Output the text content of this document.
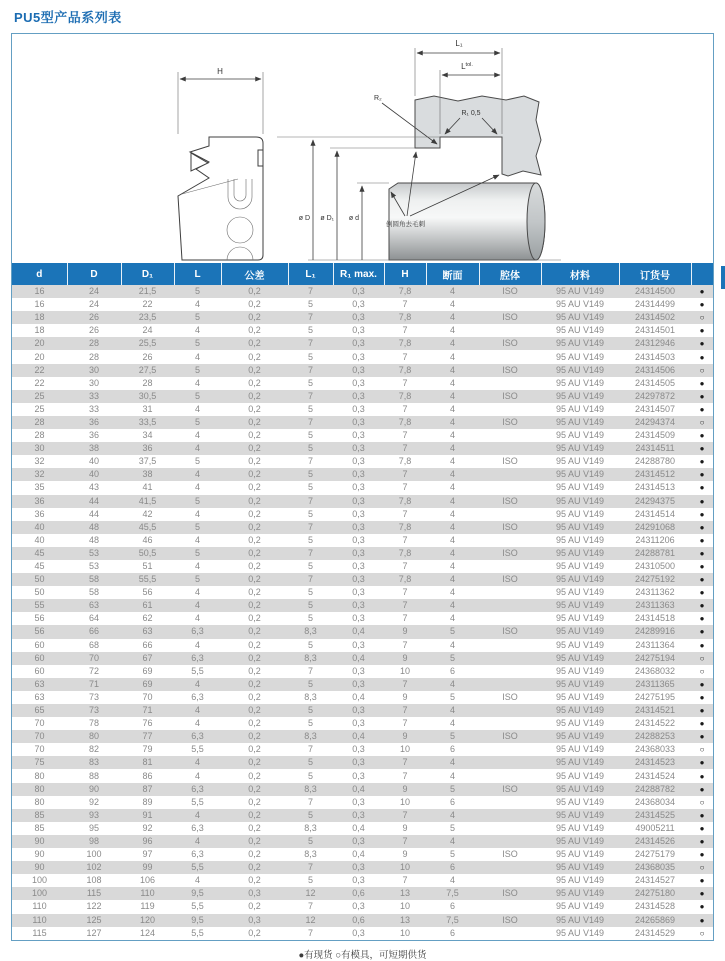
PU5型产品系列表
H
L₁
$L^{tol.}$
R₂
R₁ 0,5
ø D ø D₁ ø d
倒圆角去毛刺
d	D	D₁	L	公差	L₁	R₁ max.	H	断面	腔体	材料	订货号	
16	24	21,5	5	0,2	7	0,3	7,8	4	ISO	95 AU V149	24314500	●
16	24	22	4	0,2	5	0,3	7	4		95 AU V149	24314499	●
18	26	23,5	5	0,2	7	0,3	7,8	4	ISO	95 AU V149	24314502	○
18	26	24	4	0,2	5	0,3	7	4		95 AU V149	24314501	●
20	28	25,5	5	0,2	7	0,3	7,8	4	ISO	95 AU V149	24312946	●
20	28	26	4	0,2	5	0,3	7	4		95 AU V149	24314503	●
22	30	27,5	5	0,2	7	0,3	7,8	4	ISO	95 AU V149	24314506	○
22	30	28	4	0,2	5	0,3	7	4		95 AU V149	24314505	●
25	33	30,5	5	0,2	7	0,3	7,8	4	ISO	95 AU V149	24297872	●
25	33	31	4	0,2	5	0,3	7	4		95 AU V149	24314507	●
28	36	33,5	5	0,2	7	0,3	7,8	4	ISO	95 AU V149	24294374	○
28	36	34	4	0,2	5	0,3	7	4		95 AU V149	24314509	●
30	38	36	4	0,2	5	0,3	7	4		95 AU V149	24314511	●
32	40	37,5	5	0,2	7	0,3	7,8	4	ISO	95 AU V149	24288780	●
32	40	38	4	0,2	5	0,3	7	4		95 AU V149	24314512	●
35	43	41	4	0,2	5	0,3	7	4		95 AU V149	24314513	●
36	44	41,5	5	0,2	7	0,3	7,8	4	ISO	95 AU V149	24294375	●
36	44	42	4	0,2	5	0,3	7	4		95 AU V149	24314514	●
40	48	45,5	5	0,2	7	0,3	7,8	4	ISO	95 AU V149	24291068	●
40	48	46	4	0,2	5	0,3	7	4		95 AU V149	24311206	●
45	53	50,5	5	0,2	7	0,3	7,8	4	ISO	95 AU V149	24288781	●
45	53	51	4	0,2	5	0,3	7	4		95 AU V149	24310500	●
50	58	55,5	5	0,2	7	0,3	7,8	4	ISO	95 AU V149	24275192	●
50	58	56	4	0,2	5	0,3	7	4		95 AU V149	24311362	●
55	63	61	4	0,2	5	0,3	7	4		95 AU V149	24311363	●
56	64	62	4	0,2	5	0,3	7	4		95 AU V149	24314518	●
56	66	63	6,3	0,2	8,3	0,4	9	5	ISO	95 AU V149	24289916	●
60	68	66	4	0,2	5	0,3	7	4		95 AU V149	24311364	●
60	70	67	6,3	0,2	8,3	0,4	9	5		95 AU V149	24275194	○
60	72	69	5,5	0,2	7	0,3	10	6		95 AU V149	24368032	○
63	71	69	4	0,2	5	0,3	7	4		95 AU V149	24311365	●
63	73	70	6,3	0,2	8,3	0,4	9	5	ISO	95 AU V149	24275195	●
65	73	71	4	0,2	5	0,3	7	4		95 AU V149	24314521	●
70	78	76	4	0,2	5	0,3	7	4		95 AU V149	24314522	●
70	80	77	6,3	0,2	8,3	0,4	9	5	ISO	95 AU V149	24288253	●
70	82	79	5,5	0,2	7	0,3	10	6		95 AU V149	24368033	○
75	83	81	4	0,2	5	0,3	7	4		95 AU V149	24314523	●
80	88	86	4	0,2	5	0,3	7	4		95 AU V149	24314524	●
80	90	87	6,3	0,2	8,3	0,4	9	5	ISO	95 AU V149	24288782	●
80	92	89	5,5	0,2	7	0,3	10	6		95 AU V149	24368034	○
85	93	91	4	0,2	5	0,3	7	4		95 AU V149	24314525	●
85	95	92	6,3	0,2	8,3	0,4	9	5		95 AU V149	49005211	●
90	98	96	4	0,2	5	0,3	7	4		95 AU V149	24314526	●
90	100	97	6,3	0,2	8,3	0,4	9	5	ISO	95 AU V149	24275179	●
90	102	99	5,5	0,2	7	0,3	10	6		95 AU V149	24368035	○
100	108	106	4	0,2	5	0,3	7	4		95 AU V149	24314527	●
100	115	110	9,5	0,3	12	0,6	13	7,5	ISO	95 AU V149	24275180	●
110	122	119	5,5	0,2	7	0,3	10	6		95 AU V149	24314528	●
110	125	120	9,5	0,3	12	0,6	13	7,5	ISO	95 AU V149	24265869	●
115	127	124	5,5	0,2	7	0,3	10	6		95 AU V149	24314529	○
●有现货 ○有模具，可短期供货
